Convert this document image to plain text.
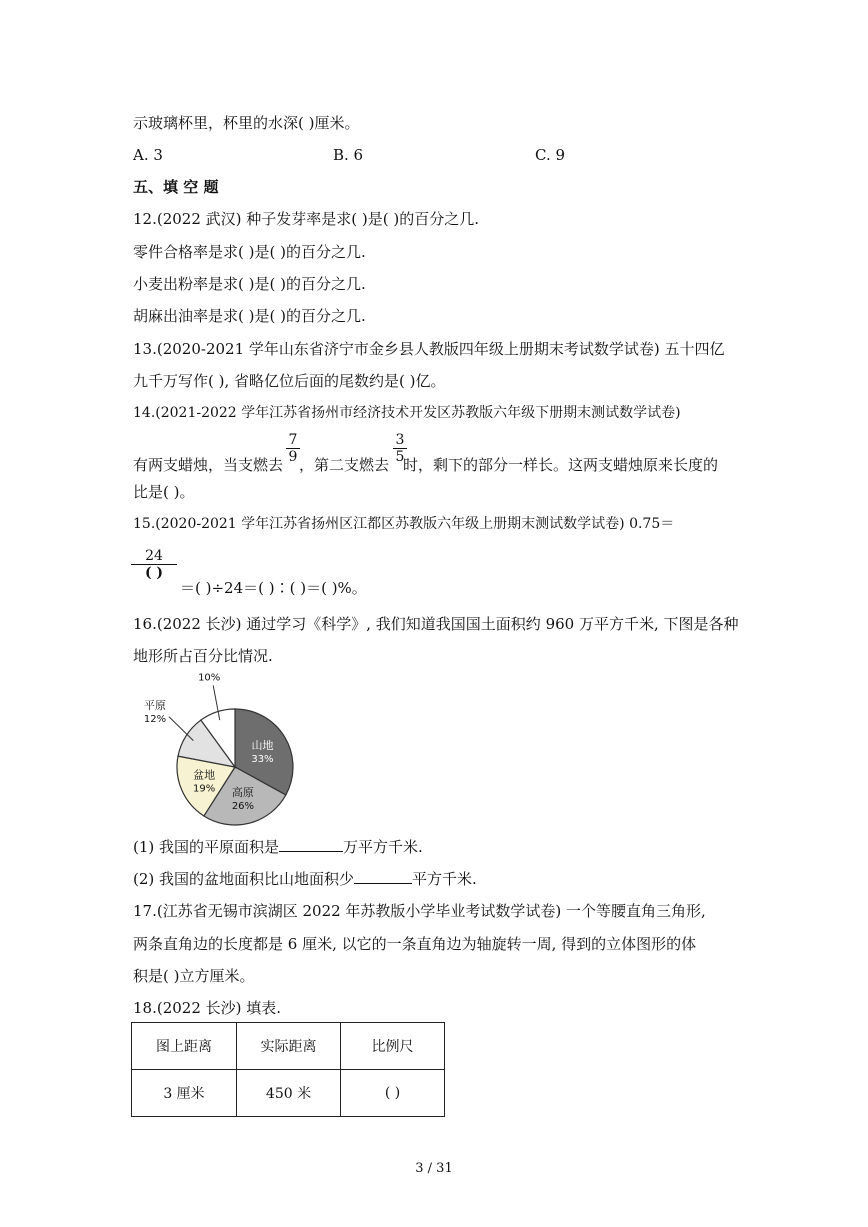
示玻璃杯里，杯里的水深( )厘米。
A. 3	B. 6	C. 9
五、填 空 题
12.(2022 武汉) 种子发芽率是求( )是( )的百分之几.
零件合格率是求( )是( )的百分之几.
小麦出粉率是求( )是( )的百分之几.
胡麻出油率是求( )是( )的百分之几.
13.(2020-2021 学年山东省济宁市金乡县人教版四年级上册期末考试数学试卷) 五十四亿
九千万写作( ), 省略亿位后面的尾数约是( )亿。
14.(2021-2022 学年江苏省扬州市经济技术开发区苏教版六年级下册期末测试数学试卷)
有两支蜡烛，当支燃去 ，第二支燃去 时，剩下的部分一样长。这两支蜡烛原来长度的
7
9
3
5
比是( )。
15.(2020-2021 学年江苏省扬州区江都区苏教版六年级上册期末测试数学试卷) 0.75＝
24
( )
＝( )÷24＝( )∶( )＝( )%。
16.(2022 长沙) 通过学习《科学》, 我们知道我国国土面积约 960 万平方千米, 下图是各种
地形所占百分比情况.
山地
33%
高原
26%
盆地
19%
平原
12%
10%
(1) 我国的平原面积是	万平方千米.
(2) 我国的盆地面积比山地面积少	平方千米.
17.(江苏省无锡市滨湖区 2022 年苏教版小学毕业考试数学试卷) 一个等腰直角三角形,
两条直角边的长度都是 6 厘米, 以它的一条直角边为轴旋转一周, 得到的立体图形的体
积是( )立方厘米。
18.(2022 长沙) 填表.
图上距离	实际距离	比例尺
3 厘米	450 米	( )
3 / 31
